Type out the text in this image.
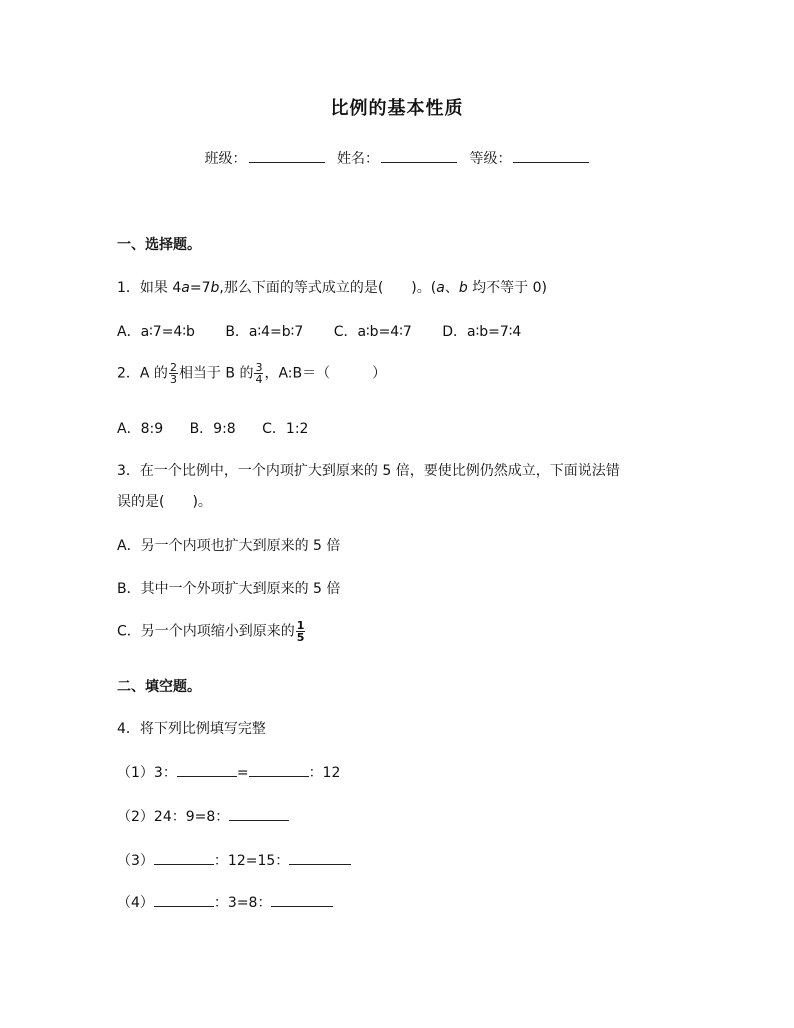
比例的基本性质
班级：	姓名：	等级：
一、选择题。
1．如果 4a=7b,那么下面的等式成立的是(　　)。(a、b 均不等于 0)
A．a∶7=4∶b B．a∶4=b∶7 C．a∶b=4∶7 D．a∶b=7∶4
2．A 的 $\frac{2}{3}$ 相当于 B 的 $\frac{3}{4}$ ，A:B＝（　　　）
A．8:9 B．9:8 C．1:2
3．在一个比例中，一个内项扩大到原来的 5 倍，要使比例仍然成立，下面说法错
误的是(　　)。
A．另一个内项也扩大到原来的 5 倍
B．其中一个外项扩大到原来的 5 倍
C．另一个内项缩小到原来的 $\frac{1}{5}$
二、填空题。
4．将下列比例填写完整
（1）3：	=	：12
（2）24：9=8：
（3）	：12=15：
（4）	：3=8：
